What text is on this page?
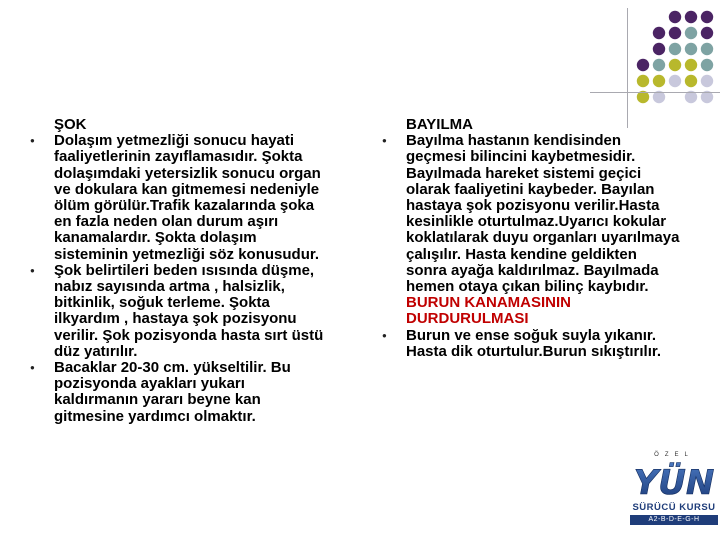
ŞOK
●	Dolaşım yetmezliği sonucu hayati faaliyetlerinin zayıflamasıdır. Şokta dolaşımdaki yetersizlik sonucu organ ve dokulara kan gitmemesi nedeniyle ölüm görülür.Trafik kazalarında şoka en fazla neden olan durum aşırı kanamalardır. Şokta dolaşım sisteminin yetmezliği söz konusudur.
●	Şok belirtileri beden ısısında düşme, nabız sayısında artma , halsizlik, bitkinlik, soğuk terleme. Şokta ilkyardım , hastaya şok pozisyonu verilir. Şok pozisyonda hasta sırt üstü düz yatırılır.
●	Bacaklar 20-30 cm. yükseltilir. Bu pozisyonda ayakları yukarı kaldırmanın yararı beyne kan gitmesine yardımcı olmaktır.
BAYILMA
●	Bayılma hastanın kendisinden geçmesi bilincini kaybetmesidir. Bayılmada hareket sistemi geçici olarak faaliyetini kaybeder. Bayılan hastaya şok pozisyonu verilir.Hasta kesinlikle oturtulmaz.Uyarıcı kokular koklatılarak duyu organları uyarılmaya çalışılır. Hasta kendine geldikten sonra ayağa kaldırılmaz. Bayılmada hemen otaya çıkan bilinç kaybıdır.
BURUN KANAMASININ DURDURULMASI
●	Burun ve ense soğuk suyla yıkanır. Hasta dik oturtulur.Burun sıkıştırılır.
ÖZEL
YÜN
SÜRÜCÜ KURSU
A2-B-D-E-G-H
